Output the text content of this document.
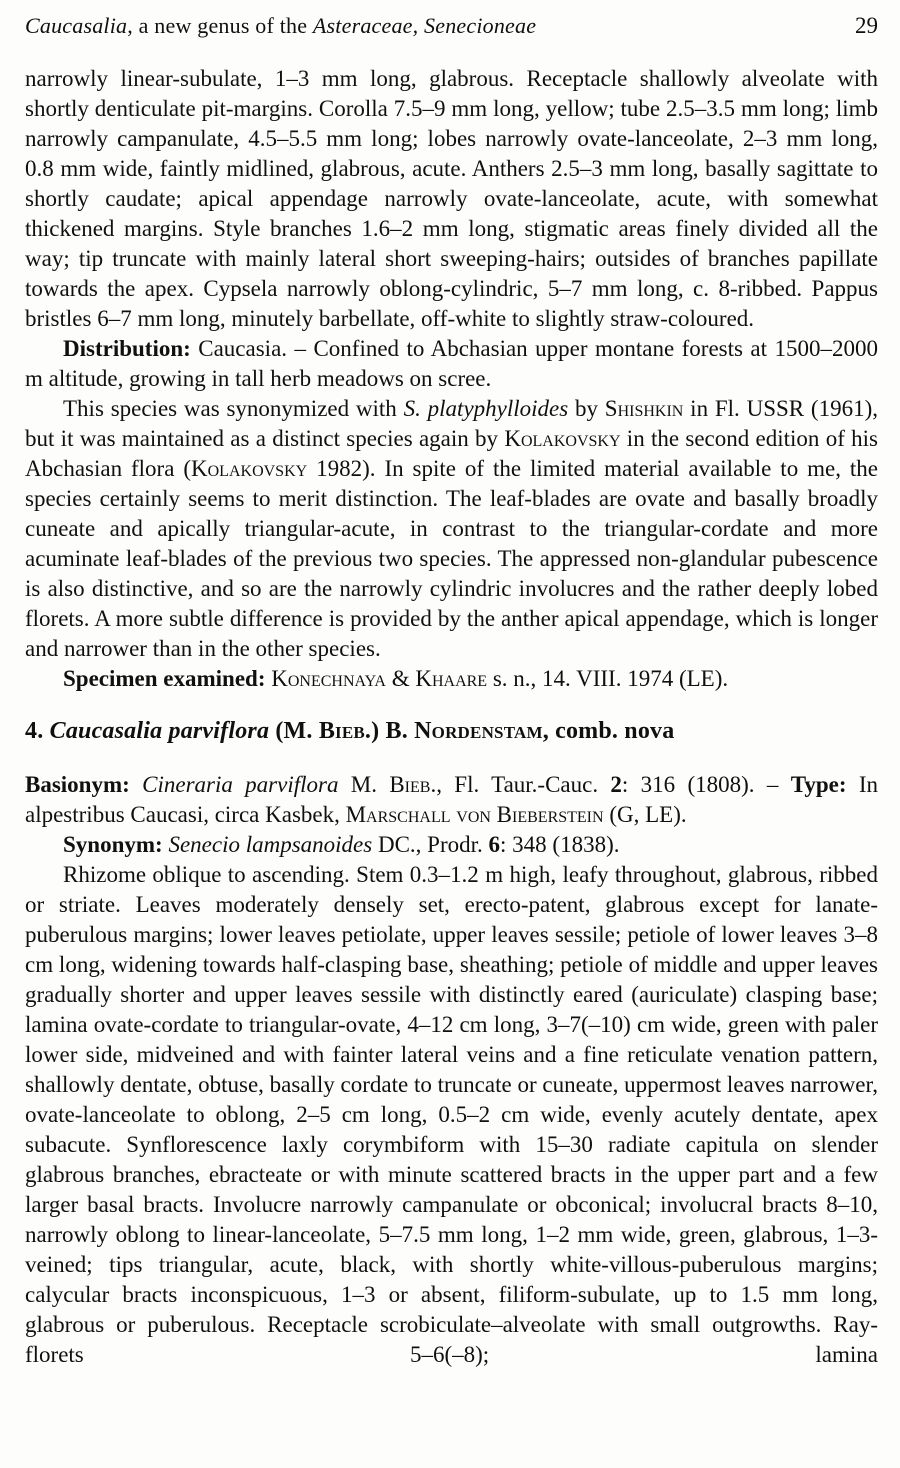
Caucasalia, a new genus of the Asteraceae, Senecioneae	29

narrowly linear-subulate, 1–3 mm long, glabrous. Receptacle shallowly alveolate with shortly denticulate pit-margins. Corolla 7.5–9 mm long, yellow; tube 2.5–3.5 mm long; limb narrowly campanulate, 4.5–5.5 mm long; lobes narrowly ovate-lanceolate, 2–3 mm long, 0.8 mm wide, faintly midlined, glabrous, acute. Anthers 2.5–3 mm long, basally sagittate to shortly caudate; apical appendage narrowly ovate-lanceolate, acute, with somewhat thickened margins. Style branches 1.6–2 mm long, stigmatic areas finely divided all the way; tip truncate with mainly lateral short sweeping-hairs; outsides of branches papillate towards the apex. Cypsela narrowly oblong-cylindric, 5–7 mm long, c. 8-ribbed. Pappus bristles 6–7 mm long, minutely barbellate, off-white to slightly straw-coloured.

Distribution: Caucasia. – Confined to Abchasian upper montane forests at 1500–2000 m altitude, growing in tall herb meadows on scree.

This species was synonymized with S. platyphylloides by Shishkin in Fl. USSR (1961), but it was maintained as a distinct species again by Kolakovsky in the second edition of his Abchasian flora (Kolakovsky 1982). In spite of the limited material available to me, the species certainly seems to merit distinction. The leaf-blades are ovate and basally broadly cuneate and apically triangular-acute, in contrast to the triangular-cordate and more acuminate leaf-blades of the previous two species. The appressed non-glandular pubescence is also distinctive, and so are the narrowly cylindric involucres and the rather deeply lobed florets. A more subtle difference is provided by the anther apical appendage, which is longer and narrower than in the other species.

Specimen examined: Konechnaya & Khaare s. n., 14. VIII. 1974 (LE).

4. Caucasalia parviflora (M. Bieb.) B. Nordenstam, comb. nova

Basionym: Cineraria parviflora M. Bieb., Fl. Taur.-Cauc. 2: 316 (1808). – Type: In alpestribus Caucasi, circa Kasbek, Marschall von Bieberstein (G, LE).

Synonym: Senecio lampsanoides DC., Prodr. 6: 348 (1838).

Rhizome oblique to ascending. Stem 0.3–1.2 m high, leafy throughout, glabrous, ribbed or striate. Leaves moderately densely set, erecto-patent, glabrous except for lanate-puberulous margins; lower leaves petiolate, upper leaves sessile; petiole of lower leaves 3–8 cm long, widening towards half-clasping base, sheathing; petiole of middle and upper leaves gradually shorter and upper leaves sessile with distinctly eared (auriculate) clasping base; lamina ovate-cordate to triangular-ovate, 4–12 cm long, 3–7(–10) cm wide, green with paler lower side, midveined and with fainter lateral veins and a fine reticulate venation pattern, shallowly dentate, obtuse, basally cordate to truncate or cuneate, uppermost leaves narrower, ovate-lanceolate to oblong, 2–5 cm long, 0.5–2 cm wide, evenly acutely dentate, apex subacute. Synflorescence laxly corymbiform with 15–30 radiate capitula on slender glabrous branches, ebracteate or with minute scattered bracts in the upper part and a few larger basal bracts. Involucre narrowly campanulate or obconical; involucral bracts 8–10, narrowly oblong to linear-lanceolate, 5–7.5 mm long, 1–2 mm wide, green, glabrous, 1–3-veined; tips triangular, acute, black, with shortly white-villous-puberulous margins; calycular bracts inconspicuous, 1–3 or absent, filiform-subulate, up to 1.5 mm long, glabrous or puberulous. Receptacle scrobiculate–alveolate with small outgrowths. Ray-florets 5–6(–8); lamina
